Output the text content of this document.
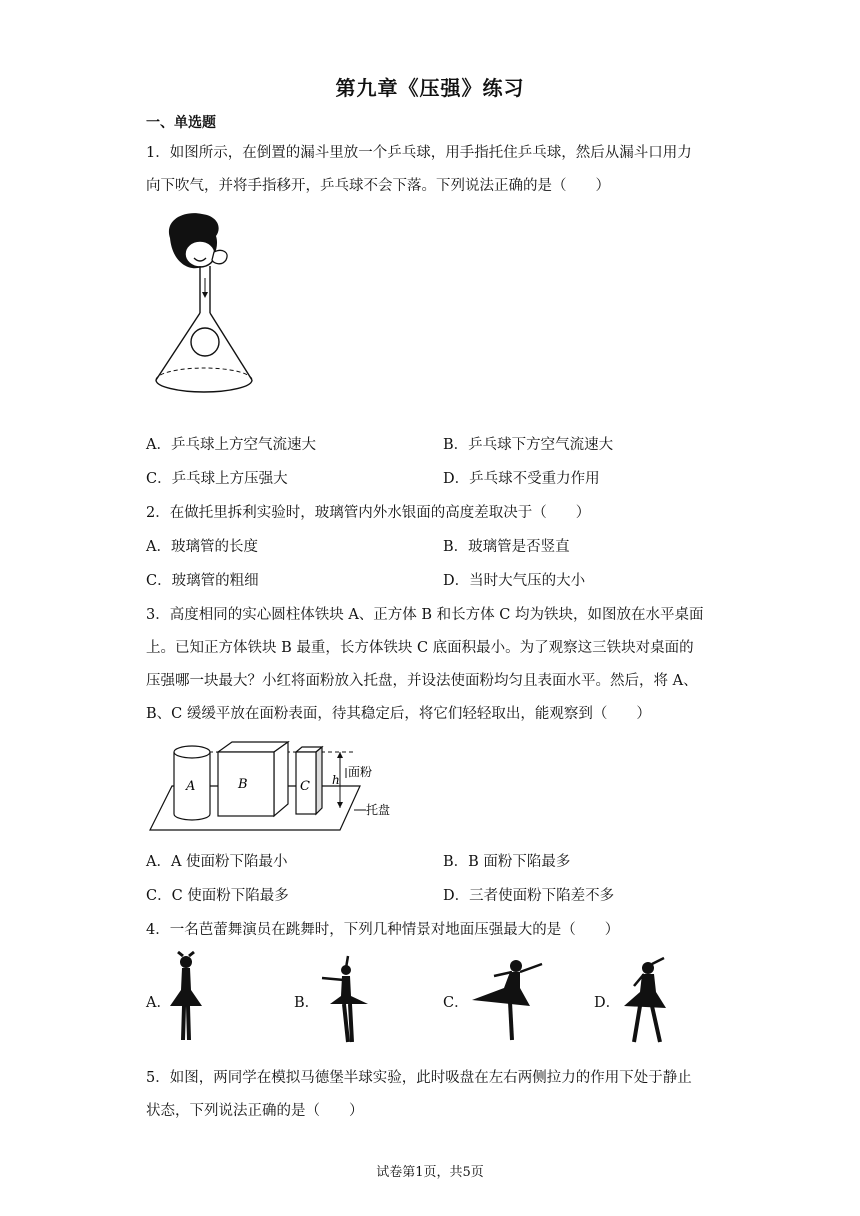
第九章《压强》练习
一、单选题
1．如图所示，在倒置的漏斗里放一个乒乓球，用手指托住乒乓球，然后从漏斗口用力
向下吹气，并将手指移开，乒乓球不会下落。下列说法正确的是（　　）
A．乒乓球上方空气流速大	B．乒乓球下方空气流速大
C．乒乓球上方压强大	D．乒乓球不受重力作用
2．在做托里拆利实验时，玻璃管内外水银面的高度差取决于（　　）
A．玻璃管的长度	B．玻璃管是否竖直
C．玻璃管的粗细	D．当时大气压的大小
3．高度相同的实心圆柱体铁块 A、正方体 B 和长方体 C 均为铁块，如图放在水平桌面
上。已知正方体铁块 B 最重，长方体铁块 C 底面积最小。为了观察这三铁块对桌面的
压强哪一块最大？小红将面粉放入托盘，并设法使面粉均匀且表面水平。然后，将 A、
B、C 缓缓平放在面粉表面，待其稳定后，将它们轻轻取出，能观察到（　　）
A	B	C h
面粉
托盘
A．A 使面粉下陷最小	B．B 面粉下陷最多
C．C 使面粉下陷最多	D．三者使面粉下陷差不多
4．一名芭蕾舞演员在跳舞时，下列几种情景对地面压强最大的是（　　）
A．	B．	C．	D．
5．如图，两同学在模拟马德堡半球实验，此时吸盘在左右两侧拉力的作用下处于静止
状态，下列说法正确的是（　　）
试卷第1页，共5页
